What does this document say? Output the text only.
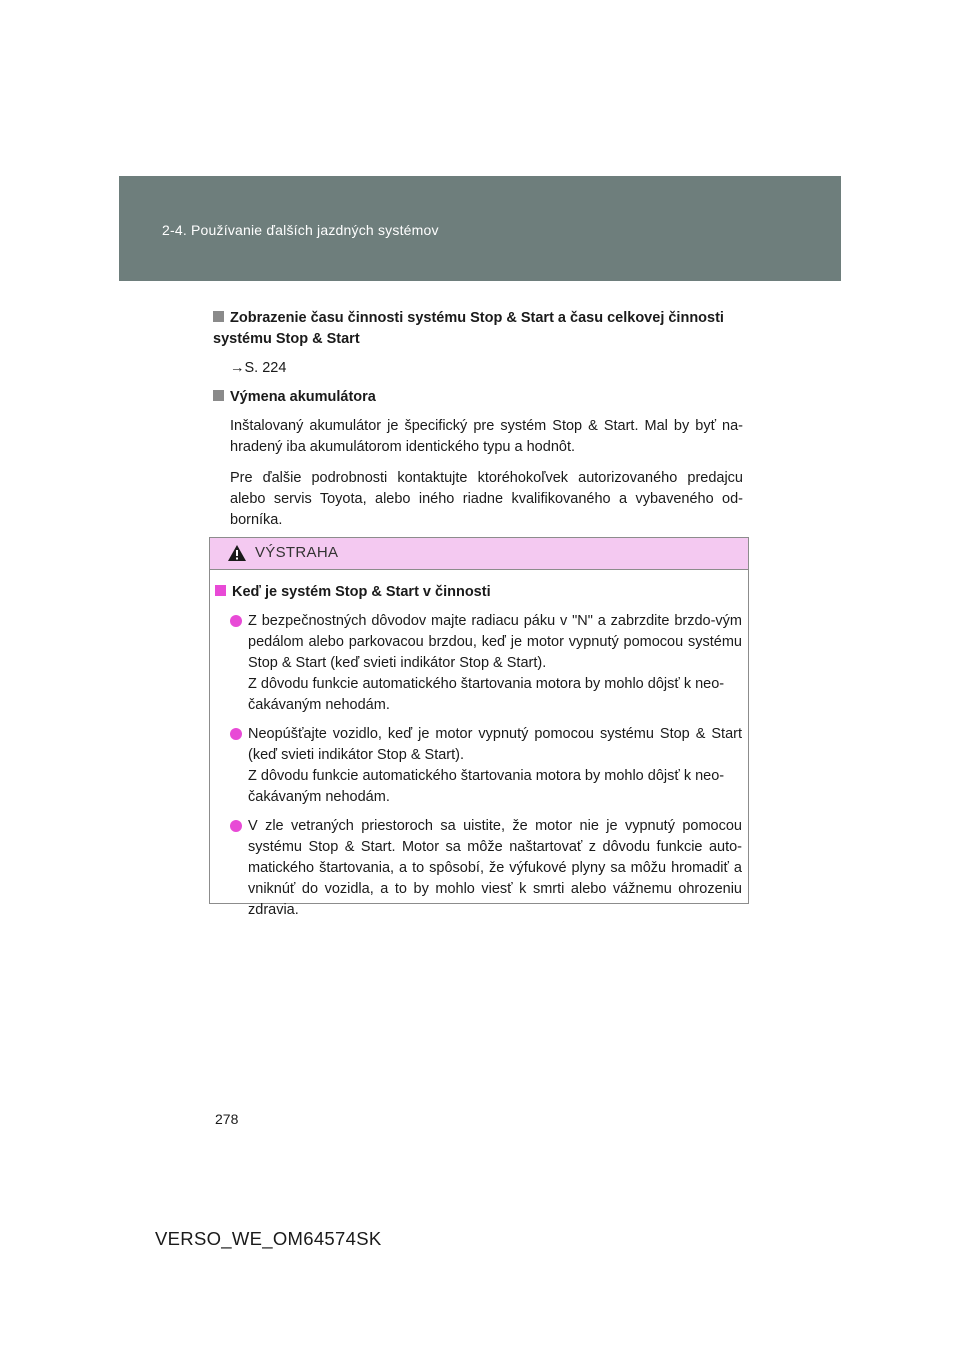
2-4. Používanie ďalších jazdných systémov
Zobrazenie času činnosti systému Stop & Start a času celkovej činnosti systému Stop & Start
→S. 224
Výmena akumulátora
Inštalovaný akumulátor je špecifický pre systém Stop & Start. Mal by byť na-hradený iba akumulátorom identického typu a hodnôt.
Pre ďalšie podrobnosti kontaktujte ktoréhokoľvek autorizovaného predajcu alebo servis Toyota, alebo iného riadne kvalifikovaného a vybaveného od-borníka.
VÝSTRAHA
Keď je systém Stop & Start v činnosti
Z bezpečnostných dôvodov majte radiacu páku v "N" a zabrzdite brzdo-vým pedálom alebo parkovacou brzdou, keď je motor vypnutý pomocou systému Stop & Start (keď svieti indikátor Stop & Start).
Z dôvodu funkcie automatického štartovania motora by mohlo dôjsť k neo-čakávaným nehodám.
Neopúšťajte vozidlo, keď je motor vypnutý pomocou systému Stop & Start (keď svieti indikátor Stop & Start).
Z dôvodu funkcie automatického štartovania motora by mohlo dôjsť k neo-čakávaným nehodám.
V zle vetraných priestoroch sa uistite, že motor nie je vypnutý pomocou systému Stop & Start. Motor sa môže naštartovať z dôvodu funkcie auto-matického štartovania, a to spôsobí, že výfukové plyny sa môžu hromadiť a vniknúť do vozidla, a to by mohlo viesť k smrti alebo vážnemu ohrozeniu zdravia.
278
VERSO_WE_OM64574SK
